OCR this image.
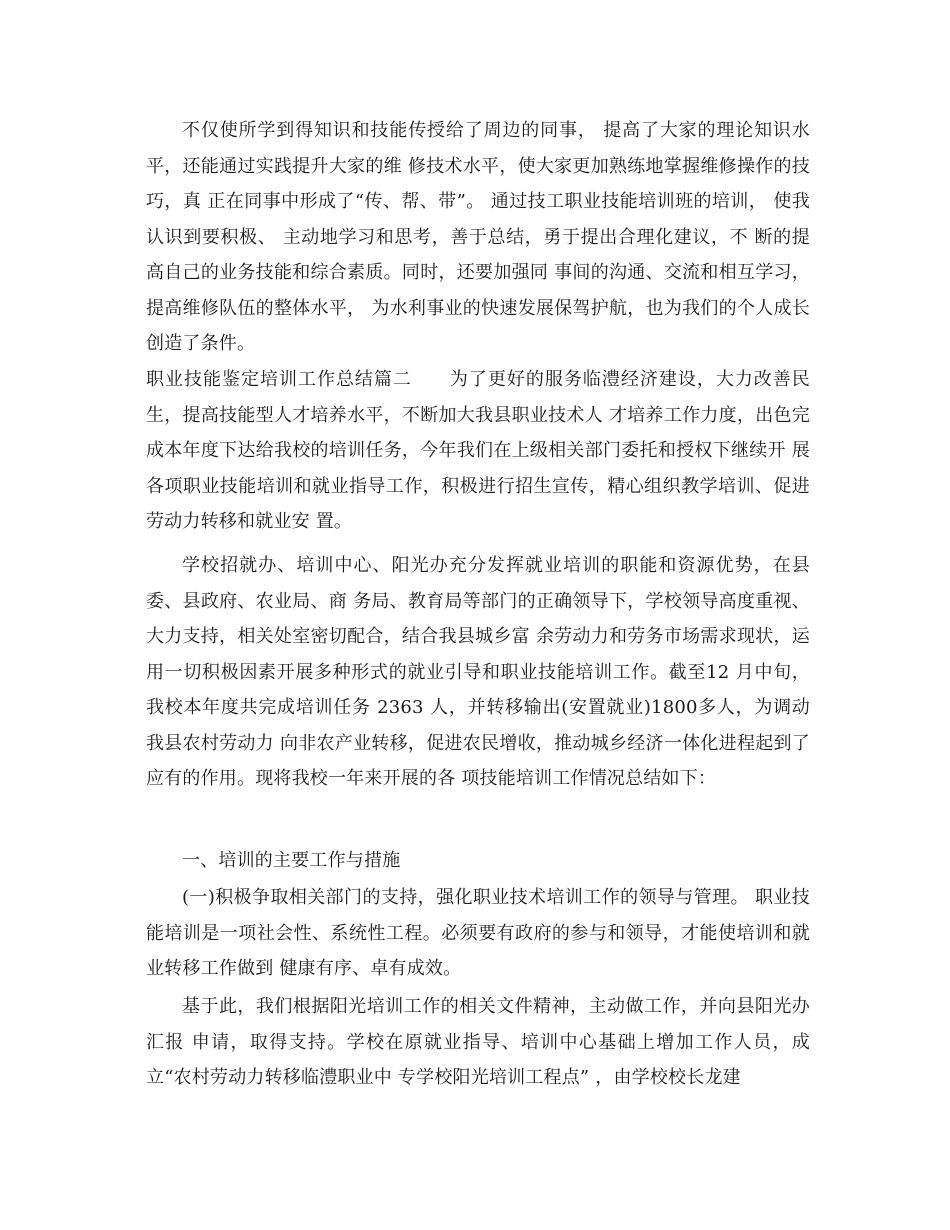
不仅使所学到得知识和技能传授给了周边的同事， 提高了大家的理论知识水平，还能通过实践提升大家的维 修技术水平，使大家更加熟练地掌握维修操作的技巧，真 正在同事中形成了“传、帮、带”。 通过技工职业技能培训班的培训， 使我认识到要积极、 主动地学习和思考，善于总结，勇于提出合理化建议，不 断的提高自己的业务技能和综合素质。同时，还要加强同 事间的沟通、交流和相互学习，提高维修队伍的整体水平， 为水利事业的快速发展保驾护航，也为我们的个人成长创造了条件。

职业技能鉴定培训工作总结篇二　　为了更好的服务临澧经济建设，大力改善民生，提高技能型人才培养水平，不断加大我县职业技术人 才培养工作力度，出色完成本年度下达给我校的培训任务，今年我们在上级相关部门委托和授权下继续开 展各项职业技能培训和就业指导工作，积极进行招生宣传，精心组织教学培训、促进劳动力转移和就业安 置。

学校招就办、培训中心、阳光办充分发挥就业培训的职能和资源优势，在县委、县政府、农业局、商 务局、教育局等部门的正确领导下，学校领导高度重视、大力支持，相关处室密切配合，结合我县城乡富 余劳动力和劳务市场需求现状，运用一切积极因素开展多种形式的就业引导和职业技能培训工作。截至12 月中旬，我校本年度共完成培训任务 2363 人，并转移输出(安置就业)1800多人，为调动我县农村劳动力 向非农产业转移，促进农民增收，推动城乡经济一体化进程起到了应有的作用。现将我校一年来开展的各 项技能培训工作情况总结如下：

一、培训的主要工作与措施

(一)积极争取相关部门的支持，强化职业技术培训工作的领导与管理。 职业技能培训是一项社会性、系统性工程。必须要有政府的参与和领导，才能使培训和就业转移工作做到 健康有序、卓有成效。

基于此，我们根据阳光培训工作的相关文件精神，主动做工作，并向县阳光办汇报 申请，取得支持。学校在原就业指导、培训中心基础上增加工作人员，成立“农村劳动力转移临澧职业中 专学校阳光培训工程点” ，由学校校长龙建
